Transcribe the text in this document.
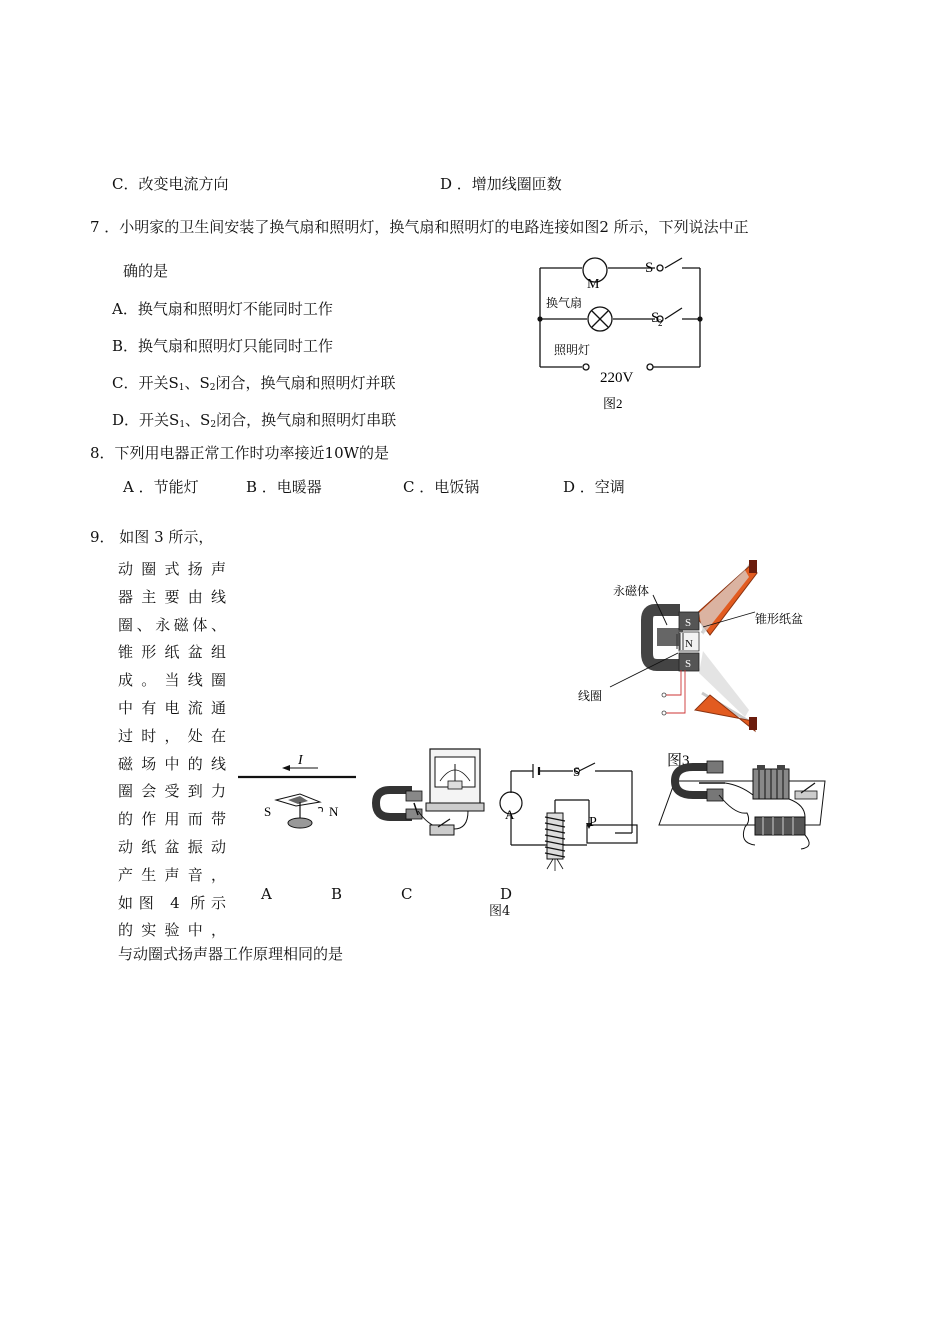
C．改变电流方向	D ．增加线圈匝数
7 ．小明家的卫生间安装了换气扇和照明灯，换气扇和照明灯的电路连接如图2 所示，下列说法中正
确的是
A．换气扇和照明灯不能同时工作
B．换气扇和照明灯只能同时工作
C．开关$S_1$、$S_2$闭合，换气扇和照明灯并联
D．开关$S_1$、$S_2$闭合，换气扇和照明灯串联
M
S
S
2
换气扇
照明灯
220V
图2
8．下列用电器正常工作时功率接近10W的是
A ．节能灯	B ．电暖器	C ．电饭锅	D ．空调
9． 如图 3 所示，
动圈式扬声
器主要由线
圈、永磁体、
锥形纸盆组
成。当线圈
中有电流通
过时，处在
磁场中的线
圈会受到力
的作用而带
动纸盆振动
产生声音，
如图 4 所示
的实验中，
与动圈式扬声器工作原理相同的是
S
N
S
永磁体
锥形纸盆
线圈
图3
I
S	N
S
A
P
A	B	C	D
图4
